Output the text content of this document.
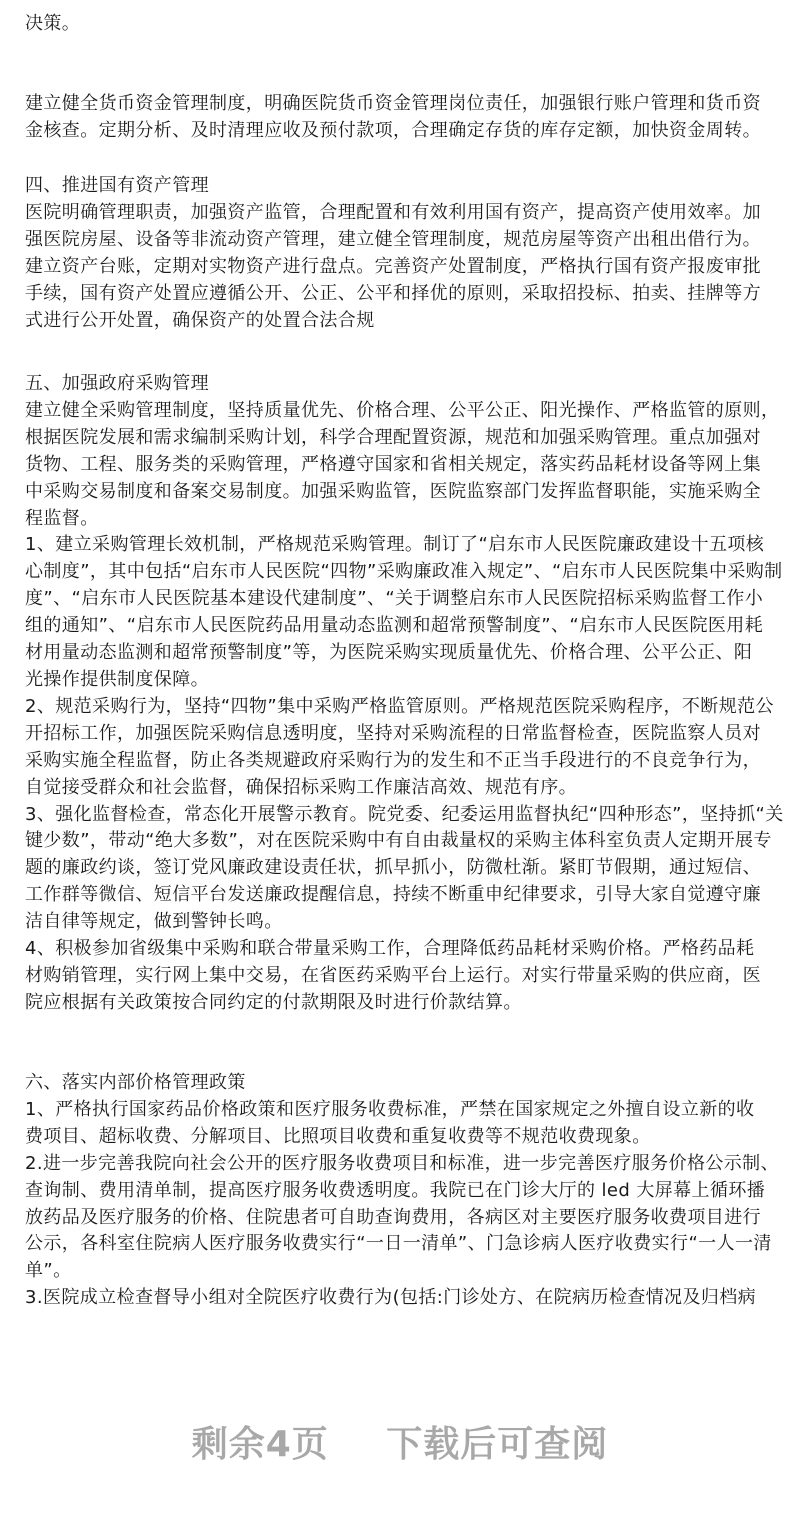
决策。
建立健全货币资金管理制度，明确医院货币资金管理岗位责任，加强银行账户管理和货币资
金核查。定期分析、及时清理应收及预付款项，合理确定存货的库存定额，加快资金周转。
四、推进国有资产管理
医院明确管理职责，加强资产监管，合理配置和有效利用国有资产，提高资产使用效率。加
强医院房屋、设备等非流动资产管理，建立健全管理制度，规范房屋等资产出租出借行为。
建立资产台账，定期对实物资产进行盘点。完善资产处置制度，严格执行国有资产报废审批
手续，国有资产处置应遵循公开、公正、公平和择优的原则，采取招投标、拍卖、挂牌等方
式进行公开处置，确保资产的处置合法合规
五、加强政府采购管理
建立健全采购管理制度，坚持质量优先、价格合理、公平公正、阳光操作、严格监管的原则，
根据医院发展和需求编制采购计划，科学合理配置资源，规范和加强采购管理。重点加强对
货物、工程、服务类的采购管理，严格遵守国家和省相关规定，落实药品耗材设备等网上集
中采购交易制度和备案交易制度。加强采购监管，医院监察部门发挥监督职能，实施采购全
程监督。
1、建立采购管理长效机制，严格规范采购管理。制订了“启东市人民医院廉政建设十五项核
心制度”，其中包括“启东市人民医院“四物”采购廉政准入规定”、“启东市人民医院集中采购制
度”、“启东市人民医院基本建设代建制度”、“关于调整启东市人民医院招标采购监督工作小
组的通知”、“启东市人民医院药品用量动态监测和超常预警制度”、“启东市人民医院医用耗
材用量动态监测和超常预警制度”等，为医院采购实现质量优先、价格合理、公平公正、阳
光操作提供制度保障。
2、规范采购行为，坚持“四物”集中采购严格监管原则。严格规范医院采购程序，不断规范公
开招标工作，加强医院采购信息透明度，坚持对采购流程的日常监督检查，医院监察人员对
采购实施全程监督，防止各类规避政府采购行为的发生和不正当手段进行的不良竞争行为，
自觉接受群众和社会监督，确保招标采购工作廉洁高效、规范有序。
3、强化监督检查，常态化开展警示教育。院党委、纪委运用监督执纪“四种形态”，坚持抓“关
键少数”，带动“绝大多数”，对在医院采购中有自由裁量权的采购主体科室负责人定期开展专
题的廉政约谈，签订党风廉政建设责任状，抓早抓小，防微杜渐。紧盯节假期，通过短信、
工作群等微信、短信平台发送廉政提醒信息，持续不断重申纪律要求，引导大家自觉遵守廉
洁自律等规定，做到警钟长鸣。
4、积极参加省级集中采购和联合带量采购工作，合理降低药品耗材采购价格。严格药品耗
材购销管理，实行网上集中交易，在省医药采购平台上运行。对实行带量采购的供应商，医
院应根据有关政策按合同约定的付款期限及时进行价款结算。
六、落实内部价格管理政策
1、严格执行国家药品价格政策和医疗服务收费标准，严禁在国家规定之外擅自设立新的收
费项目、超标收费、分解项目、比照项目收费和重复收费等不规范收费现象。
2.进一步完善我院向社会公开的医疗服务收费项目和标准，进一步完善医疗服务价格公示制、
查询制、费用清单制，提高医疗服务收费透明度。我院已在门诊大厅的 led 大屏幕上循环播
放药品及医疗服务的价格、住院患者可自助查询费用，各病区对主要医疗服务收费项目进行
公示，各科室住院病人医疗服务收费实行“一日一清单”、门急诊病人医疗收费实行“一人一清
单”。
3.医院成立检查督导小组对全院医疗收费行为(包括:门诊处方、在院病历检查情况及归档病
剩余4页 下载后可查阅
